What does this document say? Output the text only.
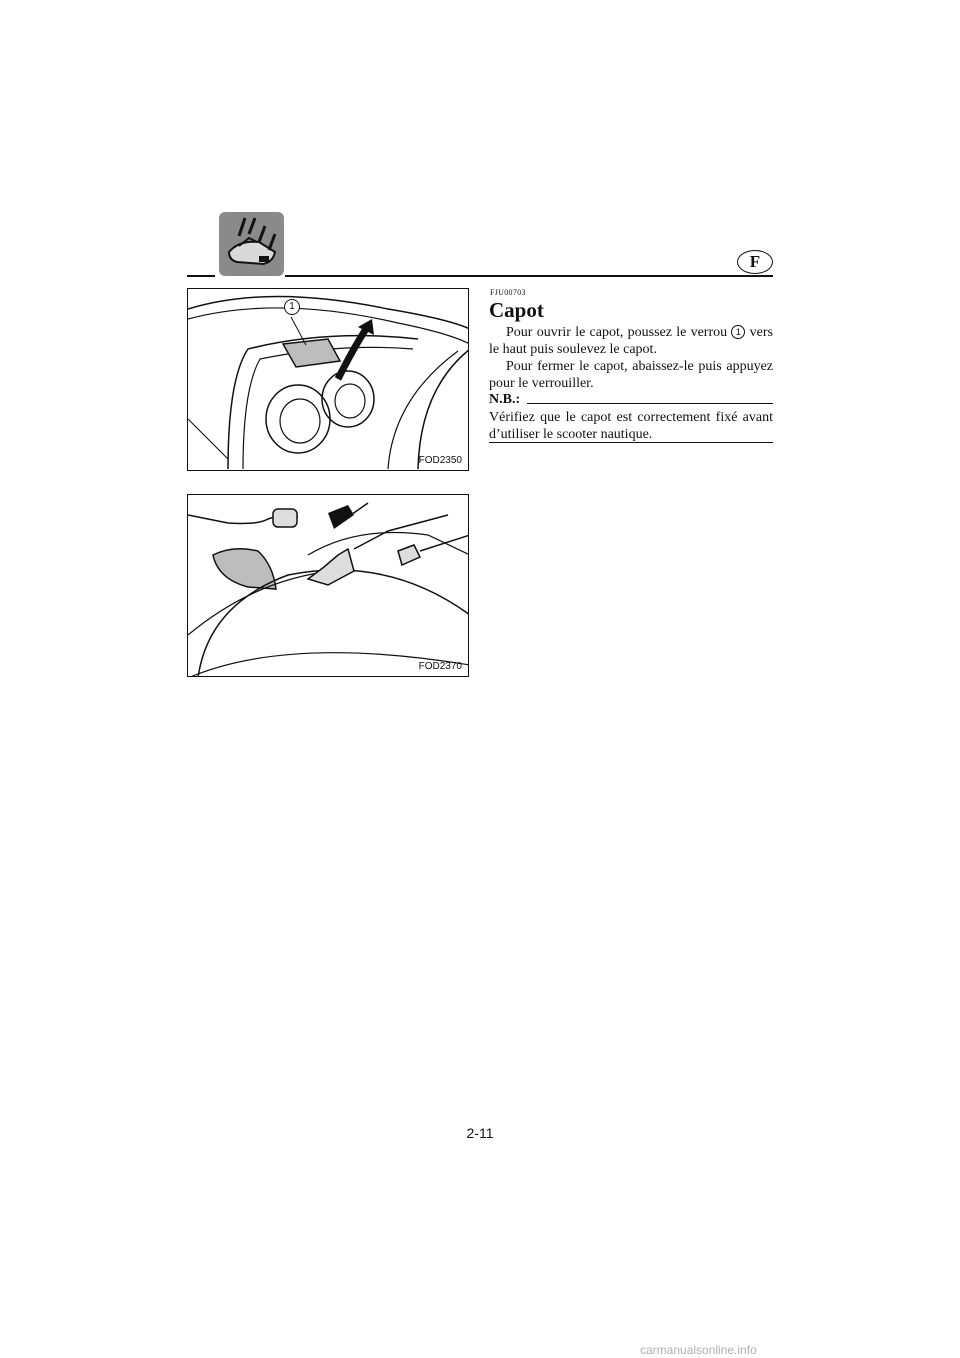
F
1
FOD2350
FOD2370
FJU00703
Capot

Pour ouvrir le capot, poussez le verrou 1 vers le haut puis soulevez le capot.

Pour fermer le capot, abaissez-le puis appuyez pour le verrouiller.

N.B.:

Vérifiez que le capot est correctement fixé avant d’utiliser le scooter nautique.

2-11
carmanualsonline.info
